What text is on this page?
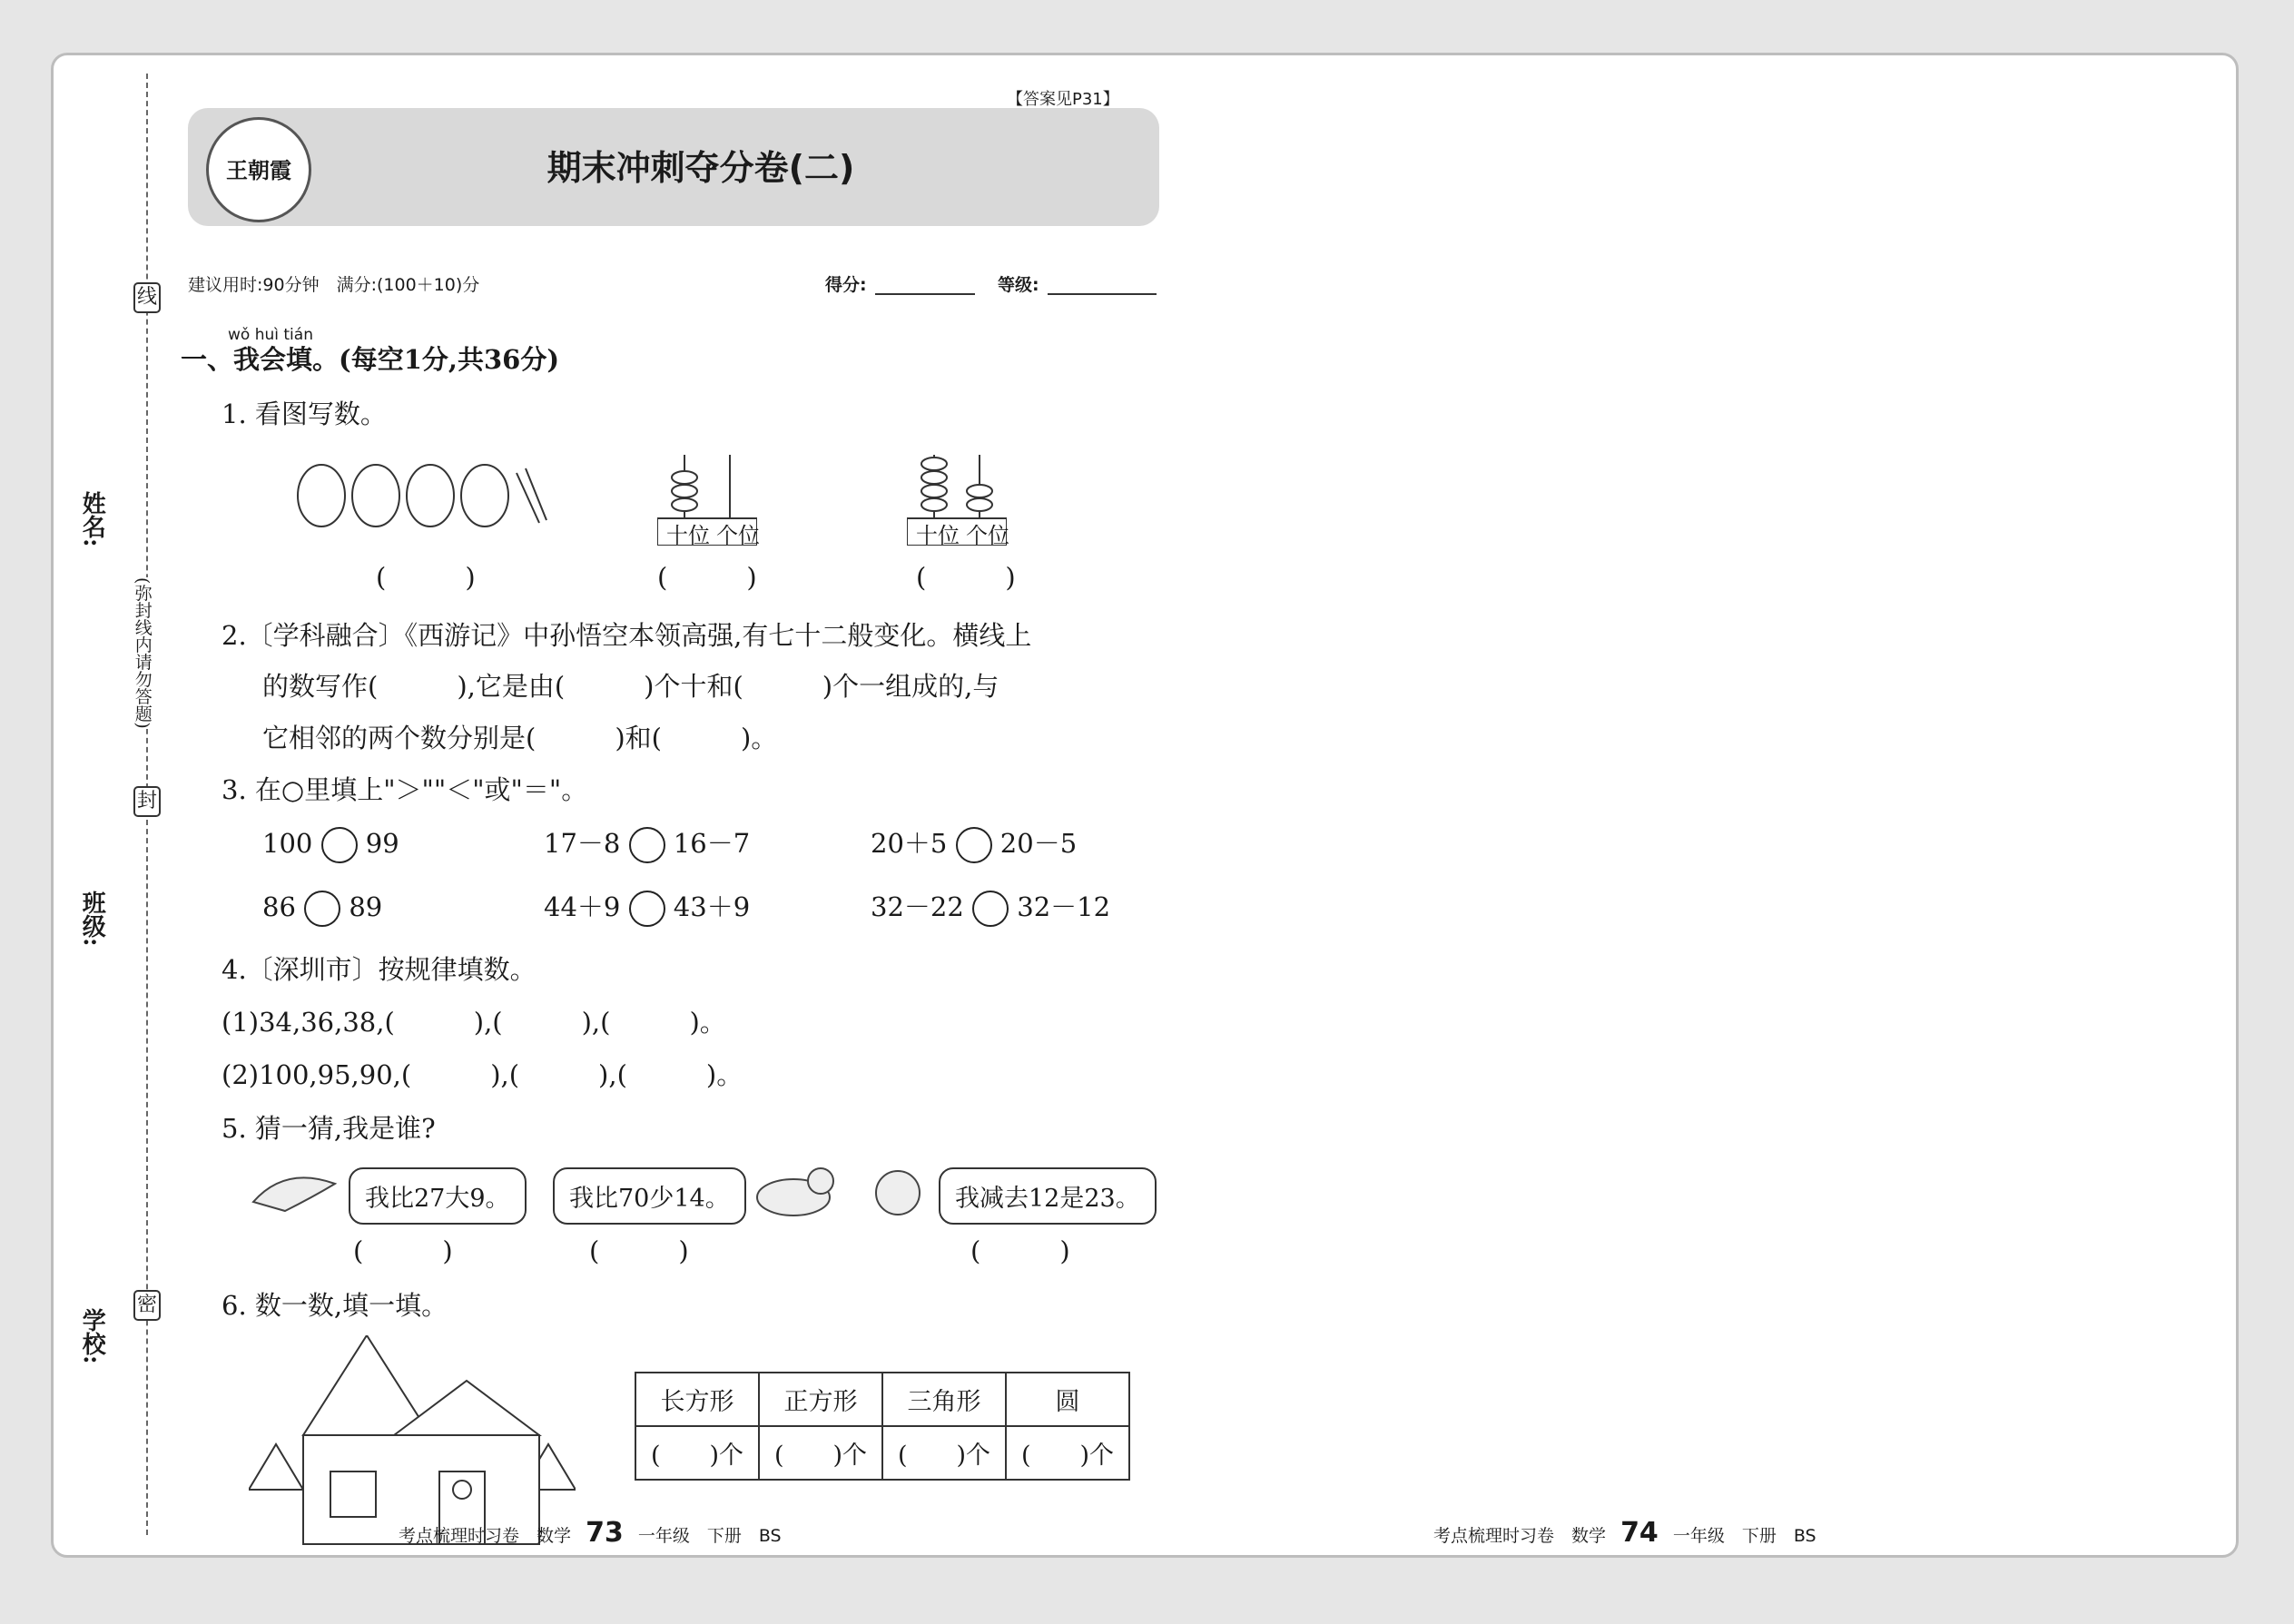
学校:
班级:
姓名:
线
封
密
(弥封线内请勿答题)
王朝霞	期末冲刺夺分卷(二)
【答案见P31】
建议用时:90分钟　满分:(100＋10)分	得分:	等级:
wǒ huì tián
一、我会填。(每空1分,共36分)
1. 看图写数。
十位 个位	十位 个位
(　　　)	(　　　)	(　　　)
2.〔学科融合〕《西游记》中孙悟空本领高强,有七十二般变化。横线上
的数写作(　　　),它是由(　　　)个十和(　　　)个一组成的,与
它相邻的两个数分别是(　　　)和(　　　)。
3. 在○里填上"＞""＜"或"＝"。
100 99	17－8 16－7	20＋5 20－5
86 89	44＋9 43＋9	32－22 32－12
4.〔深圳市〕按规律填数。
(1)34,36,38,(　　　),(　　　),(　　　)。
(2)100,95,90,(　　　),(　　　),(　　　)。
5. 猜一猜,我是谁?
我比27大9。	我比70少14。	我减去12是23。
(　　　)	(　　　)	(　　　)
6. 数一数,填一填。
长方形	正方形	三角形	圆
(　　)个	(　　)个	(　　)个	(　　)个
考点梳理时习卷　数学 73 一年级　下册　BS	考点梳理时习卷　数学 74 一年级　下册　BS
